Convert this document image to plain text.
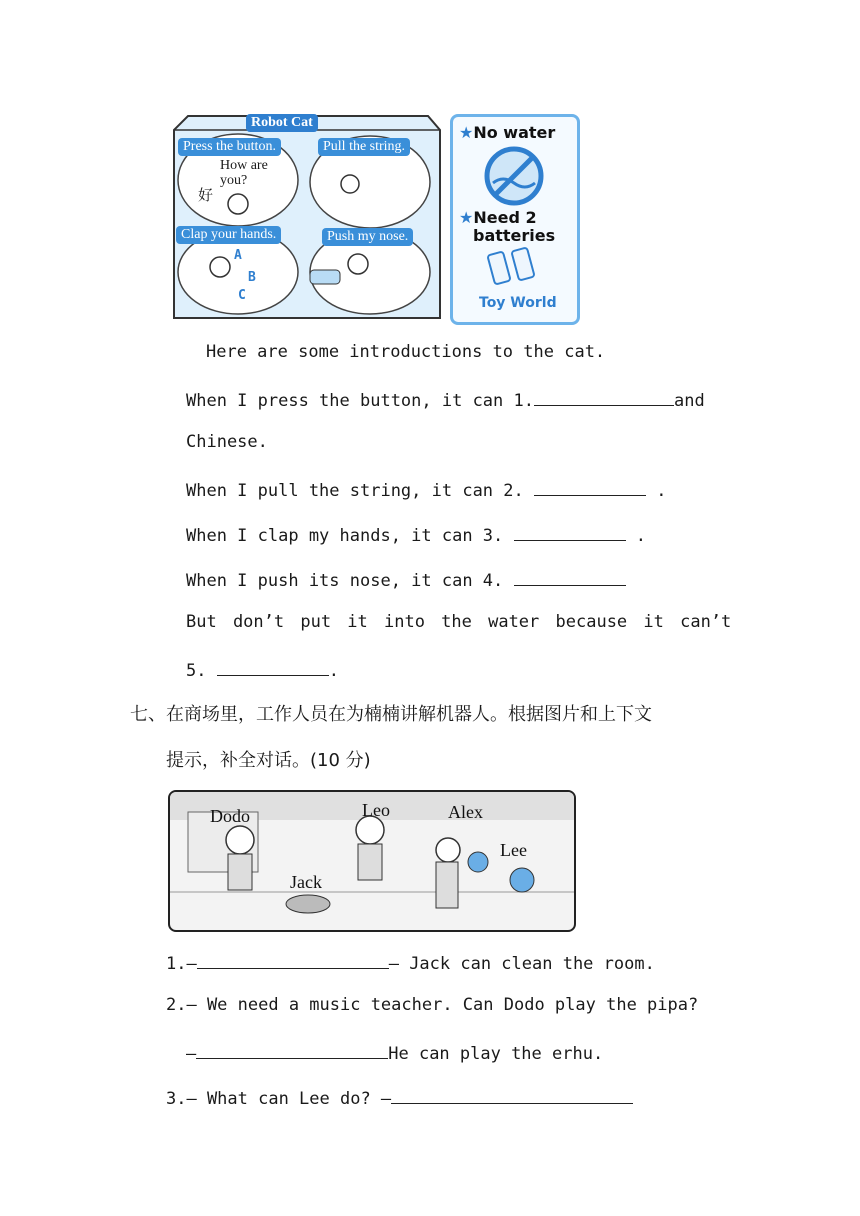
Robot Cat
Press the button.
How are you?
好
Pull the string.
Clap your hands.
A
B
C
Push my nose.
★No water
★Need 2
batteries
Toy World
Here are some introductions to the cat.
When I press the button, it can 1.	and
Chinese.
When I pull the string, it can 2.	.
When I clap my hands, it can 3.	.
When I push its nose, it can 4.
But don’t put it into the water because it can’t
5.	.
七、在商场里，工作人员在为楠楠讲解机器人。根据图片和上下文
提示，补全对话。(10 分)
Dodo	Leo	Alex
Lee
Jack
1.—	— Jack can clean the room.
2.— We need a music teacher. Can Dodo play the pipa?
—	He can play the erhu.
3.— What can Lee do? —
